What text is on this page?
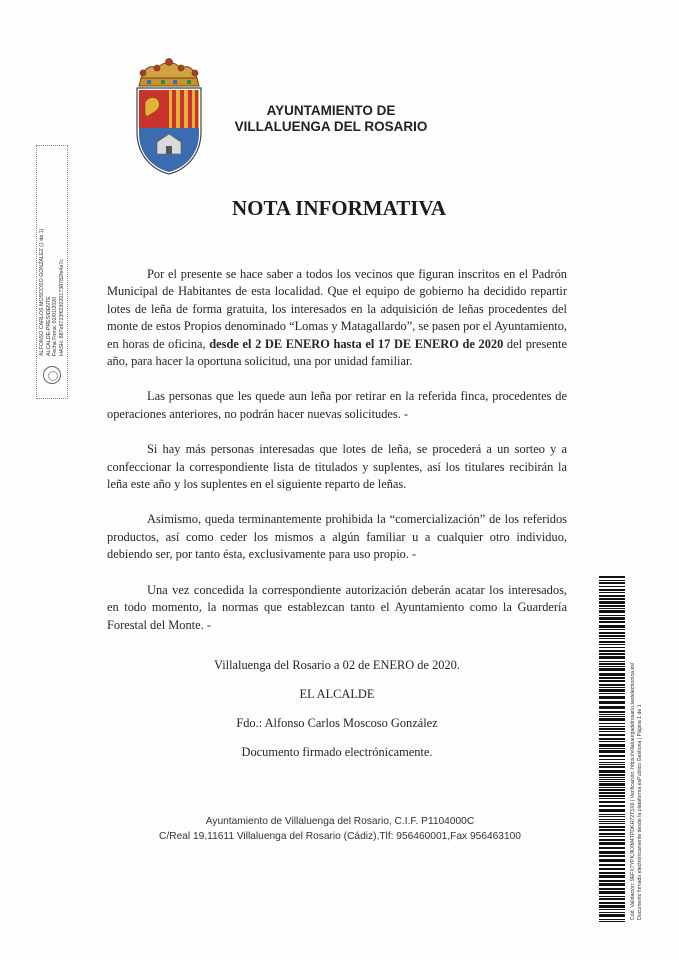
AYUNTAMIENTO DE
VILLALUENGA DEL ROSARIO
NOTA INFORMATIVA

Por el presente se hace saber a todos los vecinos que figuran inscritos en el Padrón Municipal de Habitantes de esta localidad. Que el equipo de gobierno ha decidido repartir lotes de leña de forma gratuita, los interesados en la adquisición de leñas procedentes del monte de estos Propios denominado “Lomas y Matagallardo”, se pasen por el Ayuntamiento, en horas de oficina, desde el 2 DE ENERO hasta el 17 DE ENERO de 2020 del presente año, para hacer la oportuna solicitud, una por unidad familiar.

Las personas que les quede aun leña por retirar en la referida finca, procedentes de operaciones anteriores, no podrán hacer nuevas solicitudes. -

Si hay más personas interesadas que lotes de leña, se procederá a un sorteo y a confeccionar la correspondiente lista de titulados y suplentes, así los titulares recibirán la leña este año y los suplentes en el siguiente reparto de leñas.

Asimismo, queda terminantemente prohibida la “comercialización” de los referidos productos, así como ceder los mismos a algún familiar u a cualquier otro individuo, debiendo ser, por tanto ésta, exclusivamente para uso propio. -

Una vez concedida la correspondiente autorización deberán acatar los interesados, en todo momento, la normas que establezcan tanto el Ayuntamiento como la Guardería Forestal del Monte. -

Villaluenga del Rosario a 02 de ENERO de 2020.
EL ALCALDE
Fdo.: Alfonso Carlos Moscoso González
Documento firmado electrónicamente.
Ayuntamiento de Villaluenga del Rosario, C.I.F. P1104000C
C/Real 19,11611 Villaluenga del Rosario (Cádiz),Tlf: 956460001,Fax 956463100
ALFONSO CARLOS MOSCOSO GONZALEZ (1 de 1) ALCALDE-PRESIDENTE Fecha Firma: 02/01/2020 HASH: 687e6723f6292201738782fe4a7c
Cód. Validación: 9EFX7YPKJKXM4TPDKH72T3X6 | Verificación: https://villaluengadelrosario.sedelectronica.es/ Documento firmado electrónicamente desde la plataforma esPublico Gestiona | Página 1 de 1
